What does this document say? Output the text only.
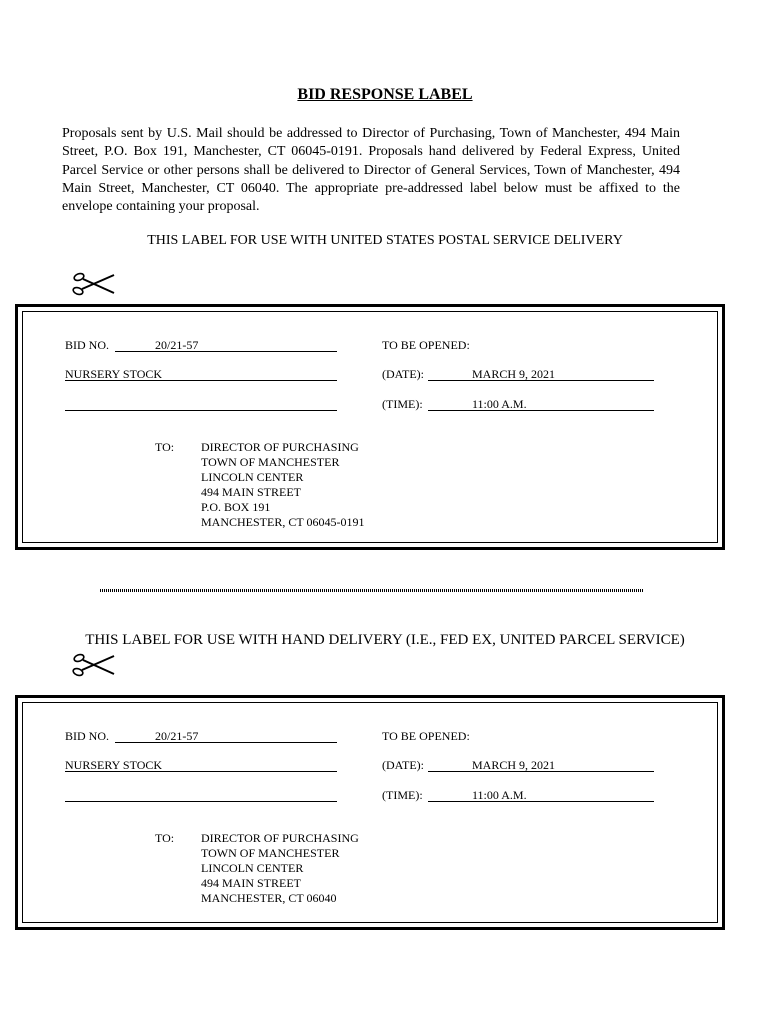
BID RESPONSE LABEL
Proposals sent by U.S. Mail should be addressed to Director of Purchasing, Town of Manchester, 494 Main Street, P.O. Box 191, Manchester, CT 06045-0191. Proposals hand delivered by Federal Express, United Parcel Service or other persons shall be delivered to Director of General Services, Town of Manchester, 494 Main Street, Manchester, CT 06040. The appropriate pre-addressed label below must be affixed to the envelope containing your proposal.
THIS LABEL FOR USE WITH UNITED STATES POSTAL SERVICE DELIVERY
BID NO.	20/21-57	TO BE OPENED:
NURSERY STOCK	(DATE):	MARCH 9, 2021
(TIME):	11:00 A.M.
TO: DIRECTOR OF PURCHASING
TOWN OF MANCHESTER
LINCOLN CENTER
494 MAIN STREET
P.O. BOX 191
MANCHESTER, CT 06045-0191
THIS LABEL FOR USE WITH HAND DELIVERY (I.E., FED EX, UNITED PARCEL SERVICE)
BID NO.	20/21-57	TO BE OPENED:
NURSERY STOCK	(DATE):	MARCH 9, 2021
(TIME):	11:00 A.M.
TO: DIRECTOR OF PURCHASING
TOWN OF MANCHESTER
LINCOLN CENTER
494 MAIN STREET
MANCHESTER, CT 06040
